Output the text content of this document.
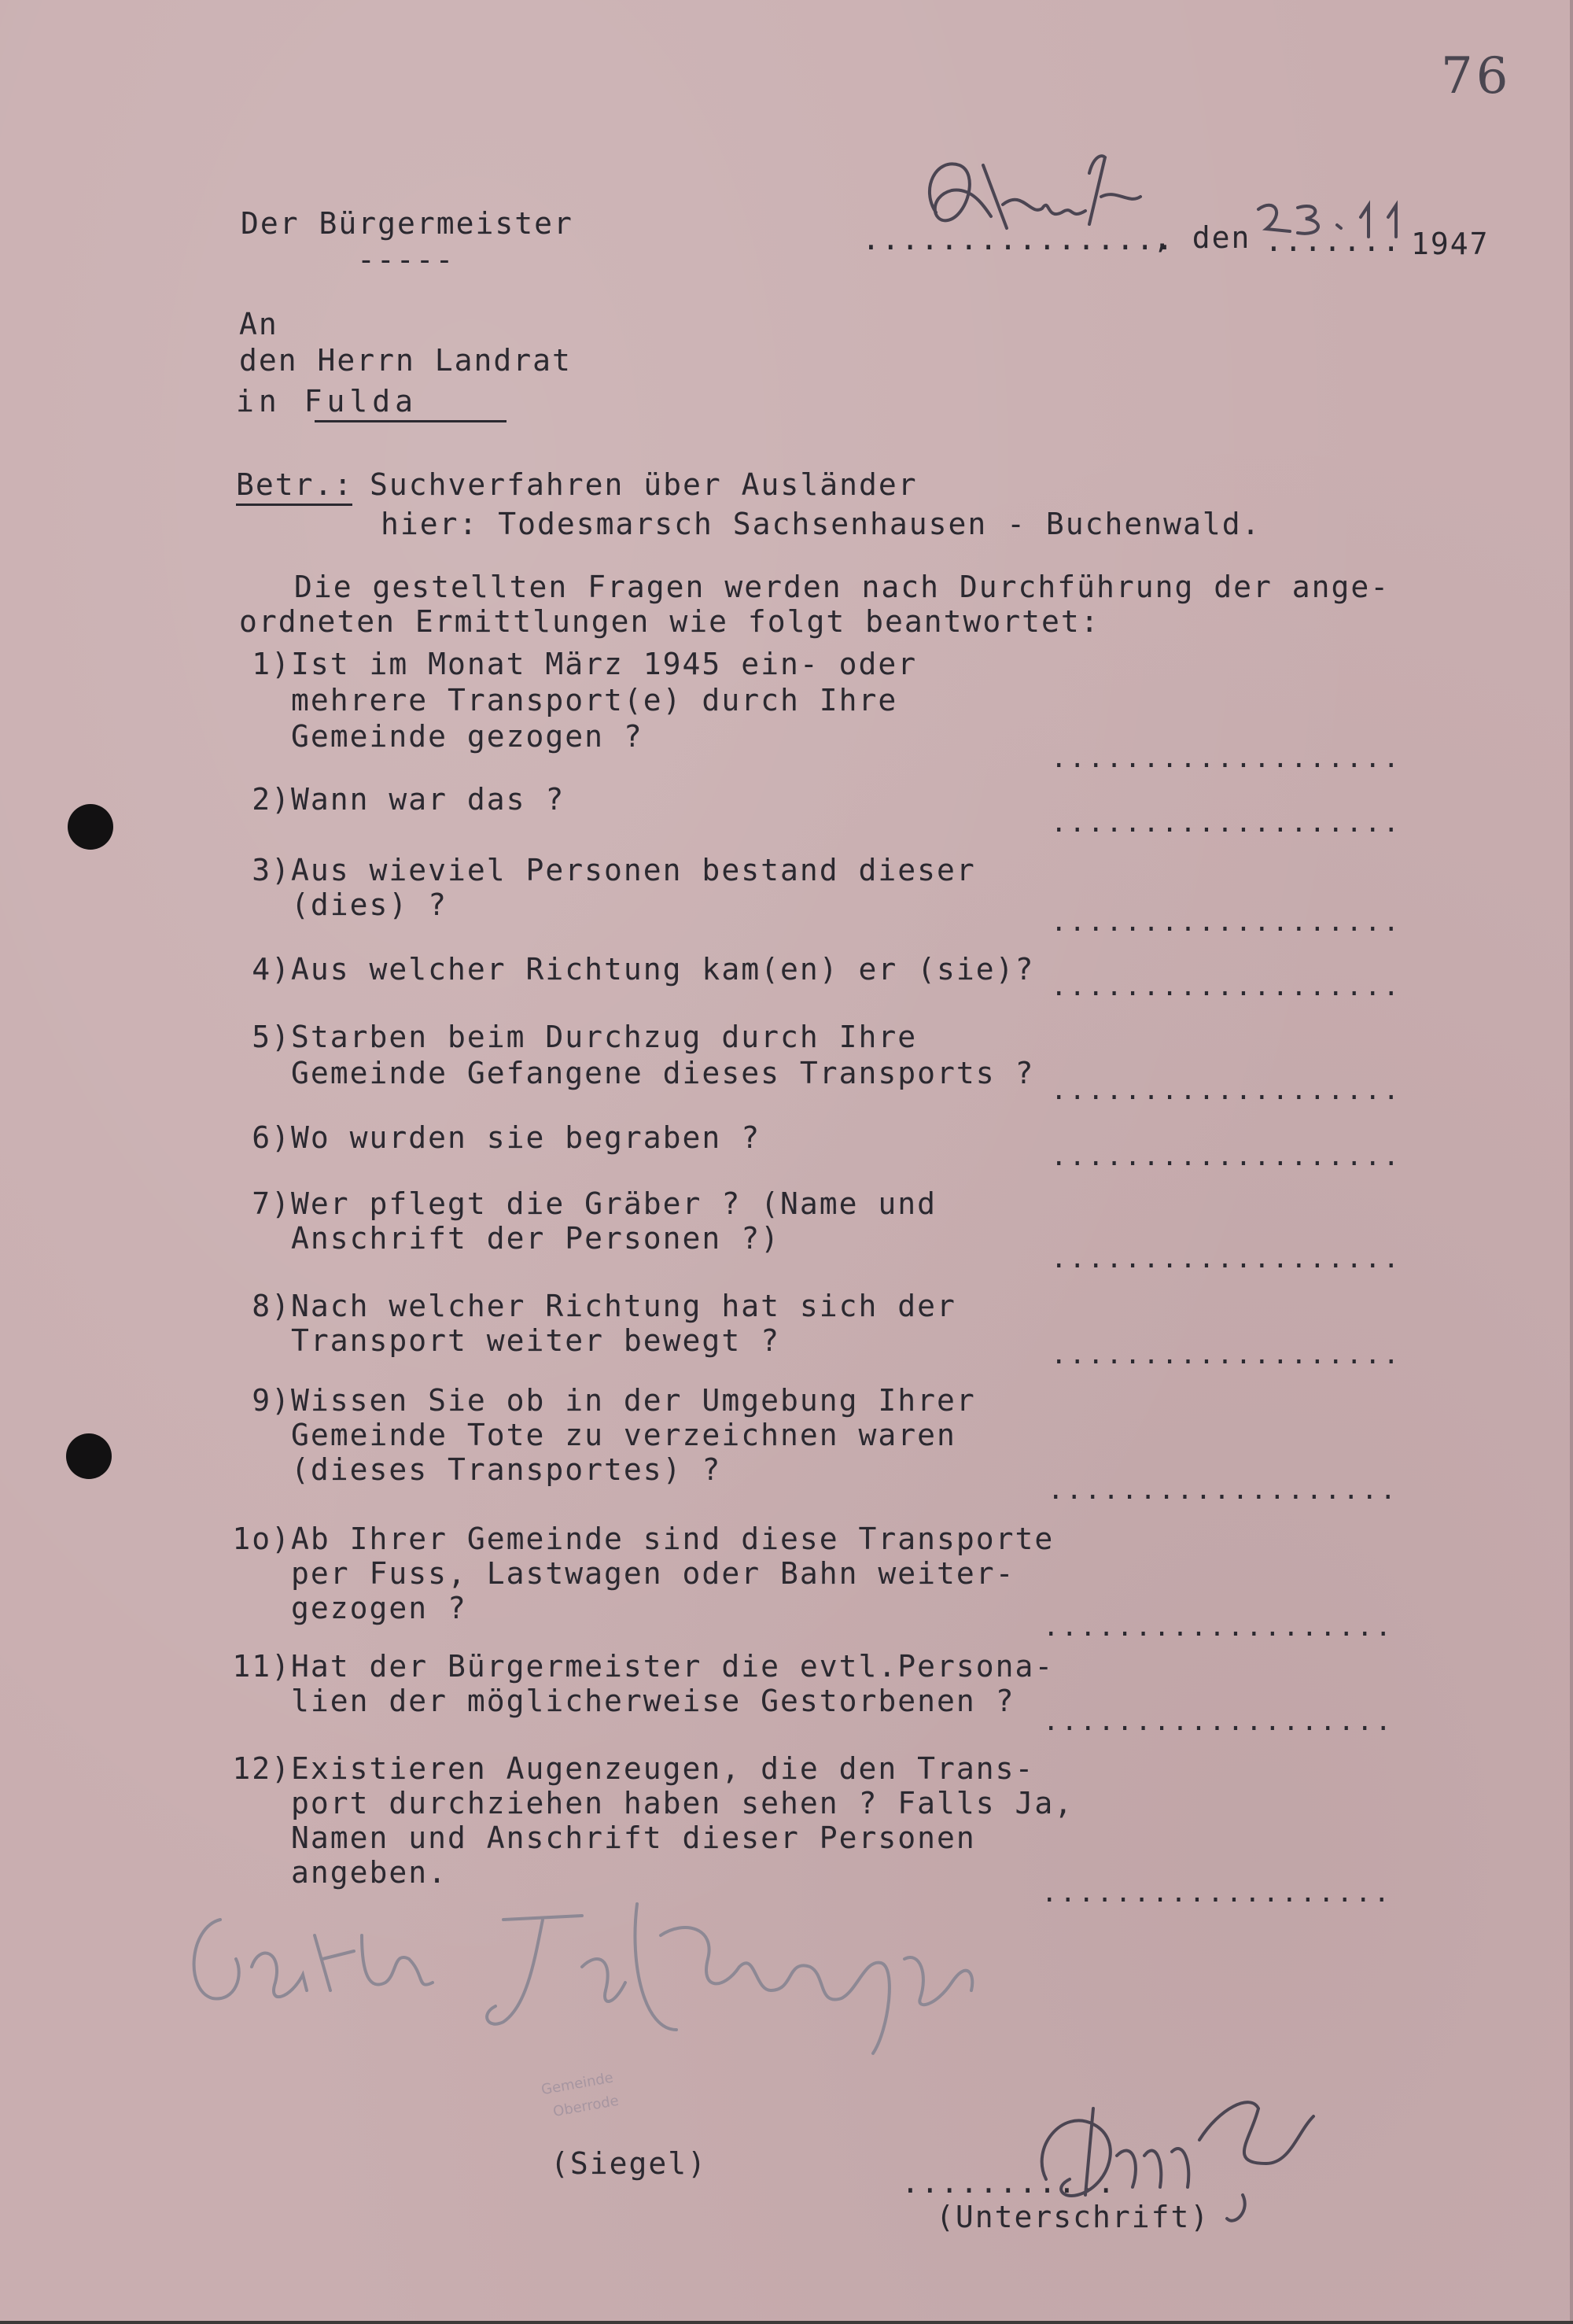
76
Der Bürgermeister
-----
................
, den ....... 1947
An
den Herrn Landrat
in Fulda
Betr.: Suchverfahren über Ausländer
hier: Todesmarsch Sachsenhausen - Buchenwald.
Die gestellten Fragen werden nach Durchführung der ange-
ordneten Ermittlungen wie folgt beantwortet:
1) Ist im Monat März 1945 ein- oder
mehrere Transport(e) durch Ihre
Gemeinde gezogen ?
...................
2) Wann war das ?
...................
3) Aus wieviel Personen bestand dieser
(dies) ?	...................
4) Aus welcher Richtung kam(en) er (sie)? ...................
5) Starben beim Durchzug durch Ihre
Gemeinde Gefangene dieses Transports ? ...................
6) Wo wurden sie begraben ?
...................
7) Wer pflegt die Gräber ? (Name und
Anschrift der Personen ?)
...................
8) Nach welcher Richtung hat sich der
Transport weiter bewegt ?	...................
9) Wissen Sie ob in der Umgebung Ihrer
Gemeinde Tote zu verzeichnen waren
(dieses Transportes) ?
...................
1o) Ab Ihrer Gemeinde sind diese Transporte
per Fuss, Lastwagen oder Bahn weiter-
gezogen ?
...................
11) Hat der Bürgermeister die evtl.Persona-
lien der möglicherweise Gestorbenen ?
...................
12) Existieren Augenzeugen, die den Trans-
port durchziehen haben sehen ? Falls Ja,
Namen und Anschrift dieser Personen
angeben.
...................
Gemeinde
Oberrode
(Siegel)
...........
(Unterschrift)
